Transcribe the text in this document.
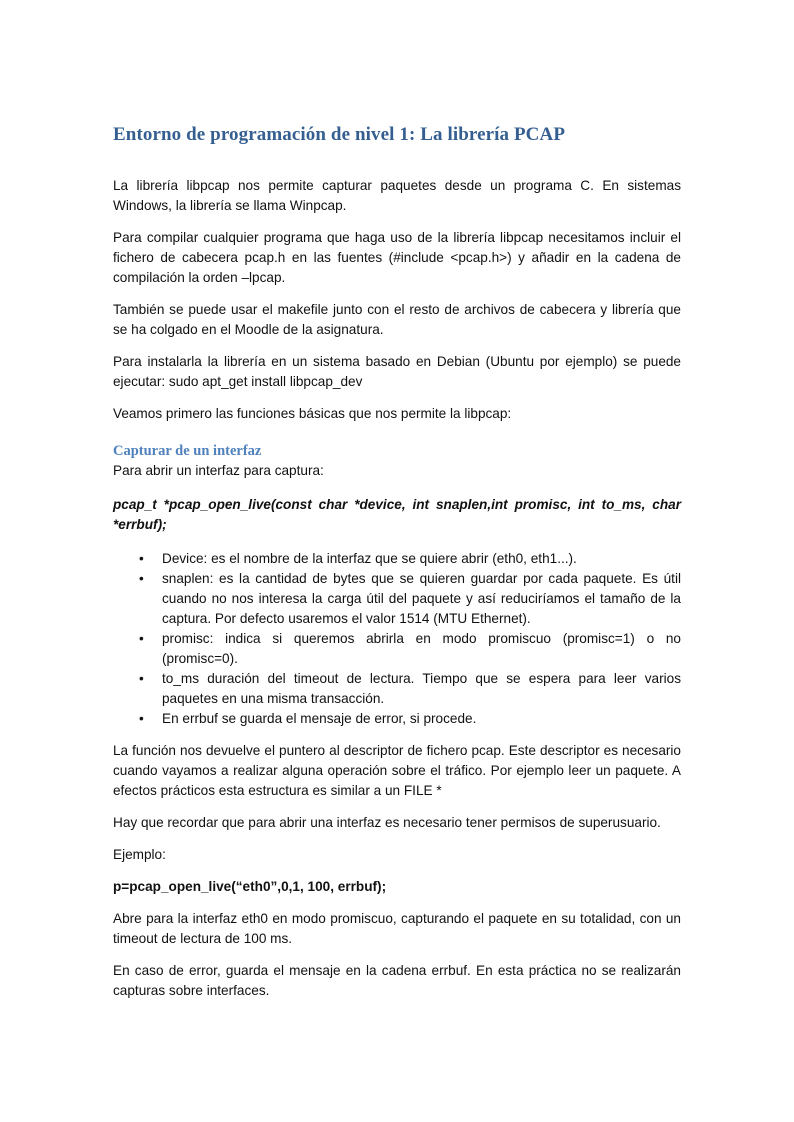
Entorno de programación de nivel 1: La librería PCAP

La librería libpcap nos permite capturar paquetes desde un programa C. En sistemas Windows, la librería se llama Winpcap.

Para compilar cualquier programa que haga uso de la librería libpcap necesitamos incluir el fichero de cabecera pcap.h en las fuentes (#include <pcap.h>) y añadir en la cadena de compilación la orden –lpcap.

También se puede usar el makefile junto con el resto de archivos de cabecera y librería que se ha colgado en el Moodle de la asignatura.

Para instalarla la librería en un sistema basado en Debian (Ubuntu por ejemplo) se puede ejecutar: sudo apt_get install libpcap_dev

Veamos primero las funciones básicas que nos permite la libpcap:

Capturar de un interfaz

Para abrir un interfaz para captura:

pcap_t *pcap_open_live(const char *device, int snaplen,int promisc, int to_ms, char *errbuf);

• Device: es el nombre de la interfaz que se quiere abrir (eth0, eth1...).
• snaplen: es la cantidad de bytes que se quieren guardar por cada paquete. Es útil cuando no nos interesa la carga útil del paquete y así reduciríamos el tamaño de la captura. Por defecto usaremos el valor 1514 (MTU Ethernet).
• promisc: indica si queremos abrirla en modo promiscuo (promisc=1) o no (promisc=0).
• to_ms duración del timeout de lectura. Tiempo que se espera para leer varios paquetes en una misma transacción.
• En errbuf se guarda el mensaje de error, si procede.

La función nos devuelve el puntero al descriptor de fichero pcap. Este descriptor es necesario cuando vayamos a realizar alguna operación sobre el tráfico. Por ejemplo leer un paquete. A efectos prácticos esta estructura es similar a un FILE *

Hay que recordar que para abrir una interfaz es necesario tener permisos de superusuario.

Ejemplo:

p=pcap_open_live(“eth0”,0,1, 100, errbuf);

Abre para la interfaz eth0 en modo promiscuo, capturando el paquete en su totalidad, con un timeout de lectura de 100 ms.

En caso de error, guarda el mensaje en la cadena errbuf. En esta práctica no se realizarán capturas sobre interfaces.
